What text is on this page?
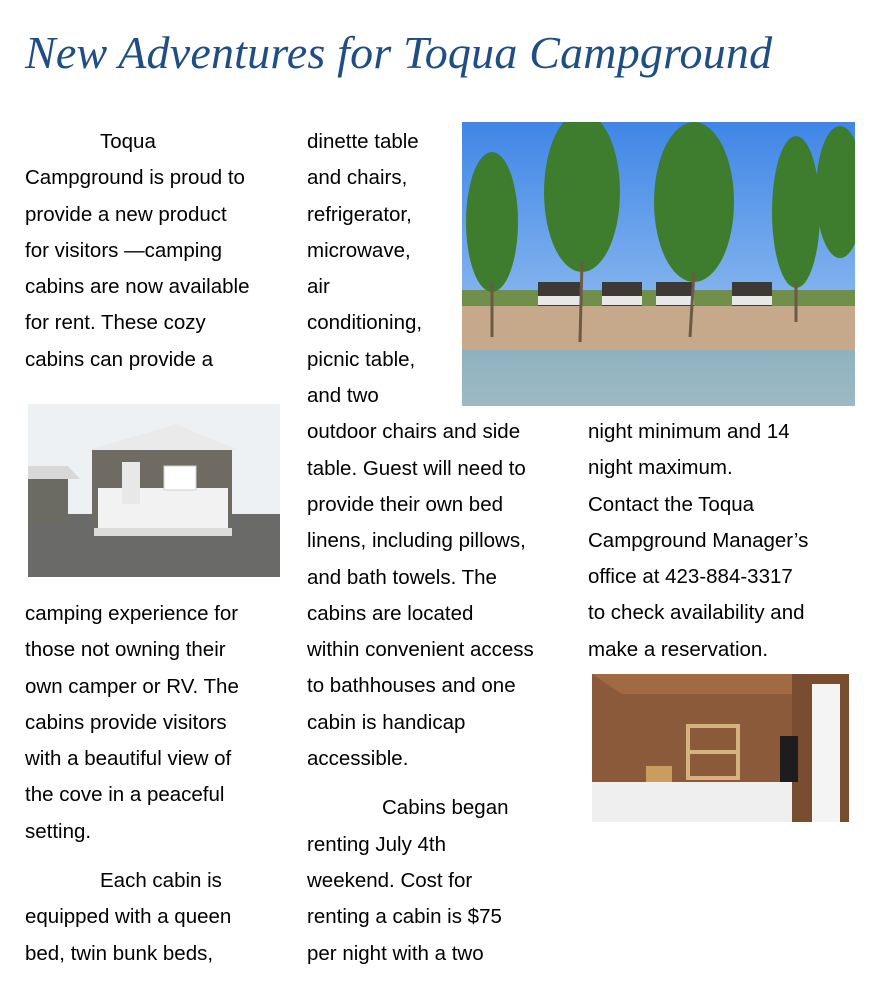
New Adventures for Toqua Campground
Toqua
Campground is proud to
provide a new product
for visitors —camping
cabins are now available
for rent. These cozy
cabins can provide a
camping experience for
those not owning their
own camper or RV. The
cabins provide visitors
with a beautiful view of
the cove in a peaceful
setting.
Each cabin is
equipped with a queen
bed, twin bunk beds,
dinette table
and chairs,
refrigerator,
microwave,
air
conditioning,
picnic table,
and two
outdoor chairs and side
table. Guest will need to
provide their own bed
linens, including pillows,
and bath towels. The
cabins are located
within convenient access
to bathhouses and one
cabin is handicap
accessible.
Cabins began
renting July 4th
weekend. Cost for
renting a cabin is $75
per night with a two
night minimum and 14
night maximum.
Contact the Toqua
Campground Manager’s
office at 423-884-3317
to check availability and
make a reservation.
